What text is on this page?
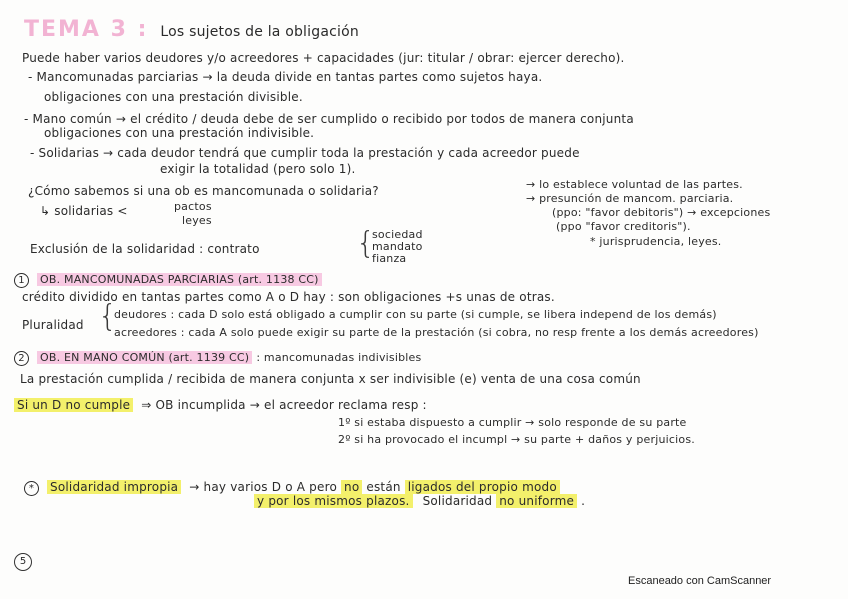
TEMA 3 : Los sujetos de la obligación
Puede haber varios deudores y/o acreedores + capacidades (jur: titular / obrar: ejercer derecho).
- Mancomunadas parciarias → la deuda divide en tantas partes como sujetos haya.
obligaciones con una prestación divisible.
- Mano común → el crédito / deuda debe de ser cumplido o recibido por todos de manera conjunta
obligaciones con una prestación indivisible.
- Solidarias → cada deudor tendrá que cumplir toda la prestación y cada acreedor puede
exigir la totalidad (pero solo 1).
¿Cómo sabemos si una ob es mancomunada o solidaria?	→ lo establece voluntad de las partes.
→ presunción de mancom. parciaria.
(ppo: "favor debitoris") → excepciones
(ppo "favor creditoris").
* jurisprudencia, leyes.
↳ solidarias <	pactos
leyes
Exclusión de la solidaridad : contrato	{
sociedad
mandato
fianza
1 OB. MANCOMUNADAS PARCIARIAS (art. 1138 CC)
crédito dividido en tantas partes como A o D hay : son obligaciones +s unas de otras.
Pluralidad {
deudores : cada D solo está obligado a cumplir con su parte (si cumple, se libera independ de los demás)
acreedores : cada A solo puede exigir su parte de la prestación (si cobra, no resp frente a los demás acreedores)
2 OB. EN MANO COMÚN (art. 1139 CC) : mancomunadas indivisibles
La prestación cumplida / recibida de manera conjunta x ser indivisible (e) venta de una cosa común
Si un D no cumple ⇒ OB incumplida → el acreedor reclama resp :
1º si estaba dispuesto a cumplir → solo responde de su parte
2º si ha provocado el incumpl → su parte + daños y perjuicios.
* Solidaridad impropia → hay varios D o A pero no están ligados del propio modo
y por los mismos plazos. Solidaridad no uniforme .
5
Escaneado con CamScanner
